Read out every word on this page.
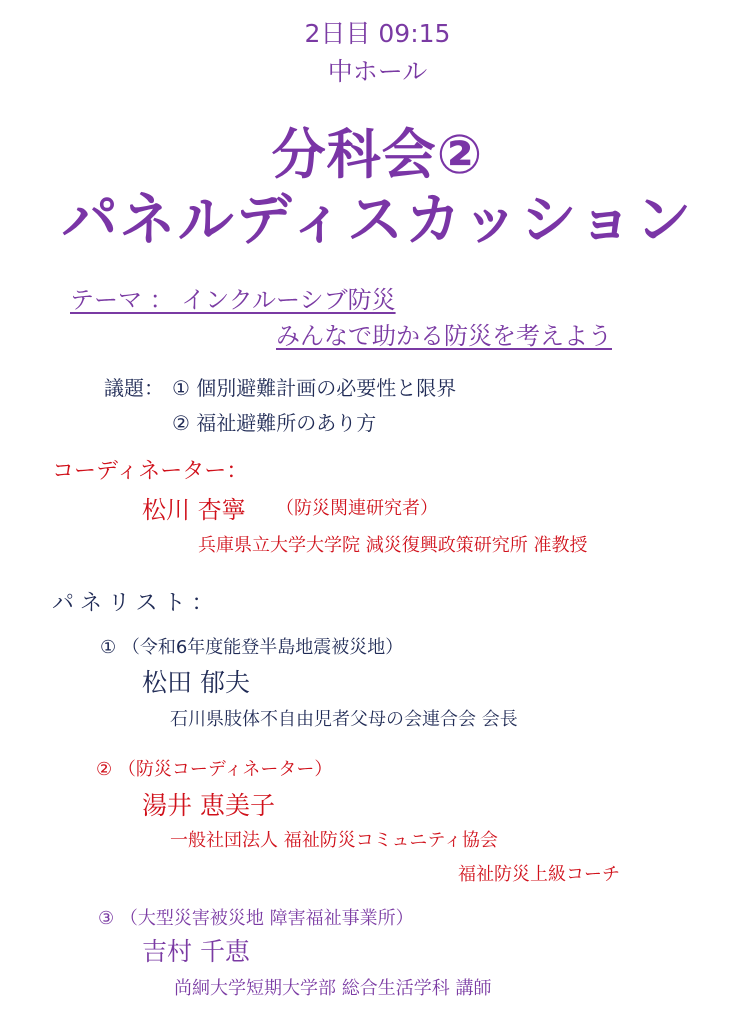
2日目 09:15
中ホール
分科会②
パネルディスカッション
テーマ ： インクルーシブ防災
みんなで助かる防災を考えよう
議題： ① 個別避難計画の必要性と限界
② 福祉避難所のあり方
コーディネーター：
松川 杏寧 （防災関連研究者）
兵庫県立大学大学院 減災復興政策研究所 准教授
パネリスト：
① （令和6年度能登半島地震被災地）
松田 郁夫
石川県肢体不自由児者父母の会連合会 会長
② （防災コーディネーター）
湯井 恵美子
一般社団法人 福祉防災コミュニティ協会
福祉防災上級コーチ
③ （大型災害被災地 障害福祉事業所）
吉村 千恵
尚絅大学短期大学部 総合生活学科 講師
